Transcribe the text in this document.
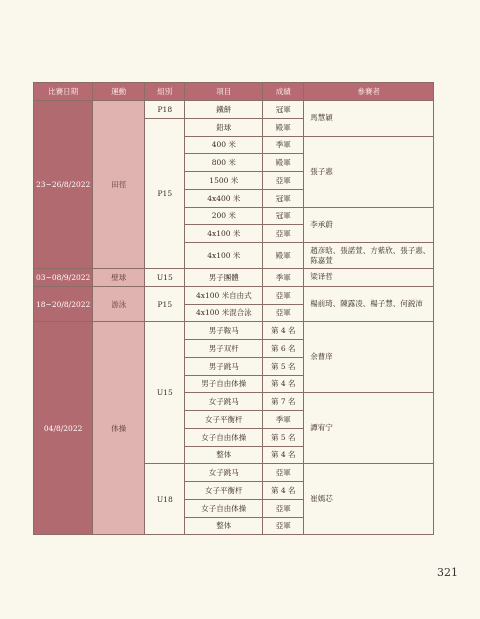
比賽日期	運動	組別	項目	成績	參賽者
23~26/8/2022	田徑	P18	鐵餅	冠軍	馬慧穎
		P15	鉛球	殿軍	
			400 米	季軍	張子惠
			800 米	殿軍	
			1500 米	亞軍	
			4x400 米	冠軍	
			200 米	冠軍	李承蔚
			4x100 米	亞軍	
			4x100 米	殿軍	趙彦晗、張諾萱、方紫欣、張子惠、陈嘉萱
03~08/9/2022	壁球	U15	男子團體	季軍	梁译哲
18~20/8/2022	游泳	P15	4x100 米自由式	亞軍	楊前琦、陳露凌、楊子慧、何鋭沛
			4x100 米混合泳	亞軍	
04/8/2022	体操	U15	男子鞍马	第 4 名	余曹庠
			男子双杆	第 6 名	
			男子跳马	第 5 名	
			男子自由体操	第 4 名	
			女子跳马	第 7 名	譚宥宁
			女子平衡杆	季軍	
			女子自由体操	第 5 名	
			整体	第 4 名	
		U18	女子跳马	亞軍	崔嫣芯
			女子平衡杆	第 4 名	
			女子自由体操	亞軍	
			整体	亞軍	
321
